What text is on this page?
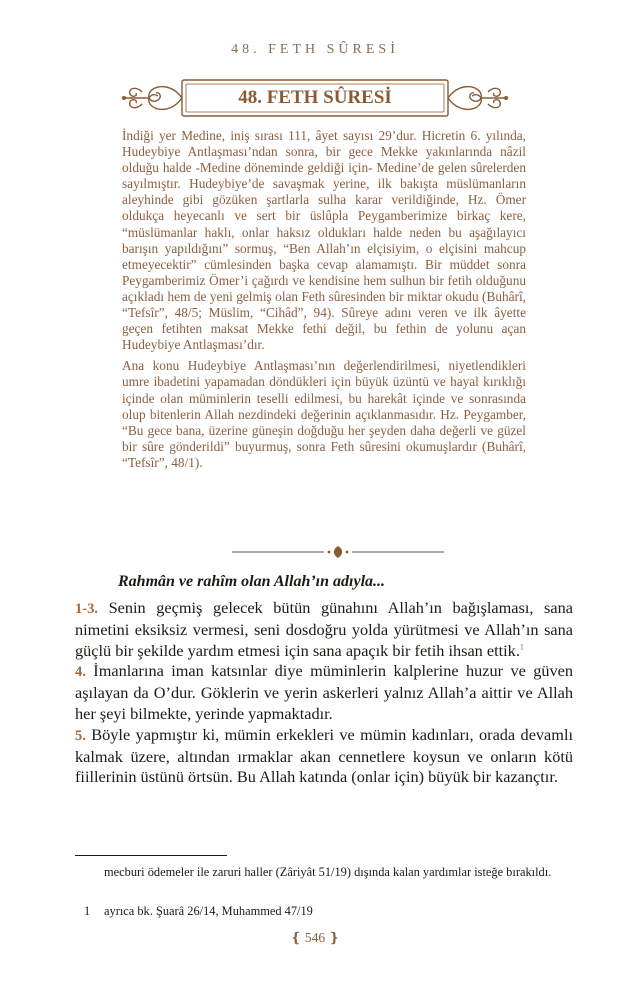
48. FETH SÛRESİ
48. FETH SÛRESİ

İndiği yer Medine, iniş sırası 111, âyet sayısı 29’dur. Hicretin 6. yılında, Hudeybiye Antlaşması’ndan sonra, bir gece Mekke yakınlarında nâzil olduğu halde -Medine döneminde geldiği için- Medine’de gelen sûrelerden sayılmıştır. Hudeybiye’de savaşmak yerine, ilk bakışta müslümanların aleyhinde gibi gözüken şartlarla sulha karar verildiğinde, Hz. Ömer oldukça heyecanlı ve sert bir üslûpla Peygamberimize birkaç kere, “müslümanlar haklı, onlar haksız oldukları halde neden bu aşağılayıcı barışın yapıldığını” sormuş, “Ben Allah’ın elçisiyim, o elçisini mahcup etmeyecektir” cümlesinden başka cevap alamamıştı. Bir müddet sonra Peygamberimiz Ömer’i çağırdı ve kendisine hem sulhun bir fetih olduğunu açıkladı hem de yeni gelmiş olan Feth sûresinden bir miktar okudu (Buhârî, “Tefsîr”, 48/5; Müslim, “Cihâd”, 94). Sûreye adını veren ve ilk âyette geçen fetihten maksat Mekke fethi değil, bu fethin de yolunu açan Hudeybiye Antlaşması’dır.

Ana konu Hudeybiye Antlaşması’nın değerlendirilmesi, niyetlendikleri umre ibadetini yapamadan döndükleri için büyük üzüntü ve hayal kırıklığı içinde olan müminlerin teselli edilmesi, bu harekât içinde ve sonrasında olup bitenlerin Allah nezdindeki değerinin açıklanmasıdır. Hz. Peygamber, “Bu gece bana, üzerine güneşin doğduğu her şeyden daha değerli ve güzel bir sûre gönderildi” buyurmuş, sonra Feth sûresini okumuşlardır (Buhârî, “Tefsîr”, 48/1).

Rahmân ve rahîm olan Allah’ın adıyla...

1-3. Senin geçmiş gelecek bütün günahını Allah’ın bağışlaması, sana nimetini eksiksiz vermesi, seni dosdoğru yolda yürütmesi ve Allah’ın sana güçlü bir şekilde yardım etmesi için sana apaçık bir fetih ihsan ettik.$^1$

4. İmanlarına iman katsınlar diye müminlerin kalplerine huzur ve güven aşılayan da O’dur. Göklerin ve yerin askerleri yalnız Allah’a aittir ve Allah her şeyi bilmekte, yerinde yapmaktadır.

5. Böyle yapmıştır ki, mümin erkekleri ve mümin kadınları, orada devamlı kalmak üzere, altından ırmaklar akan cennetlere koysun ve onların kötü fiillerinin üstünü örtsün. Bu Allah katında (onlar için) büyük bir kazançtır.

mecburi ödemeler ile zaruri haller (Zâriyât 51/19) dışında kalan yardımlar isteğe bırakıldı.
1 ayrıca bk. Şuarâ 26/14, Muhammed 47/19
❴ 546 ❵
